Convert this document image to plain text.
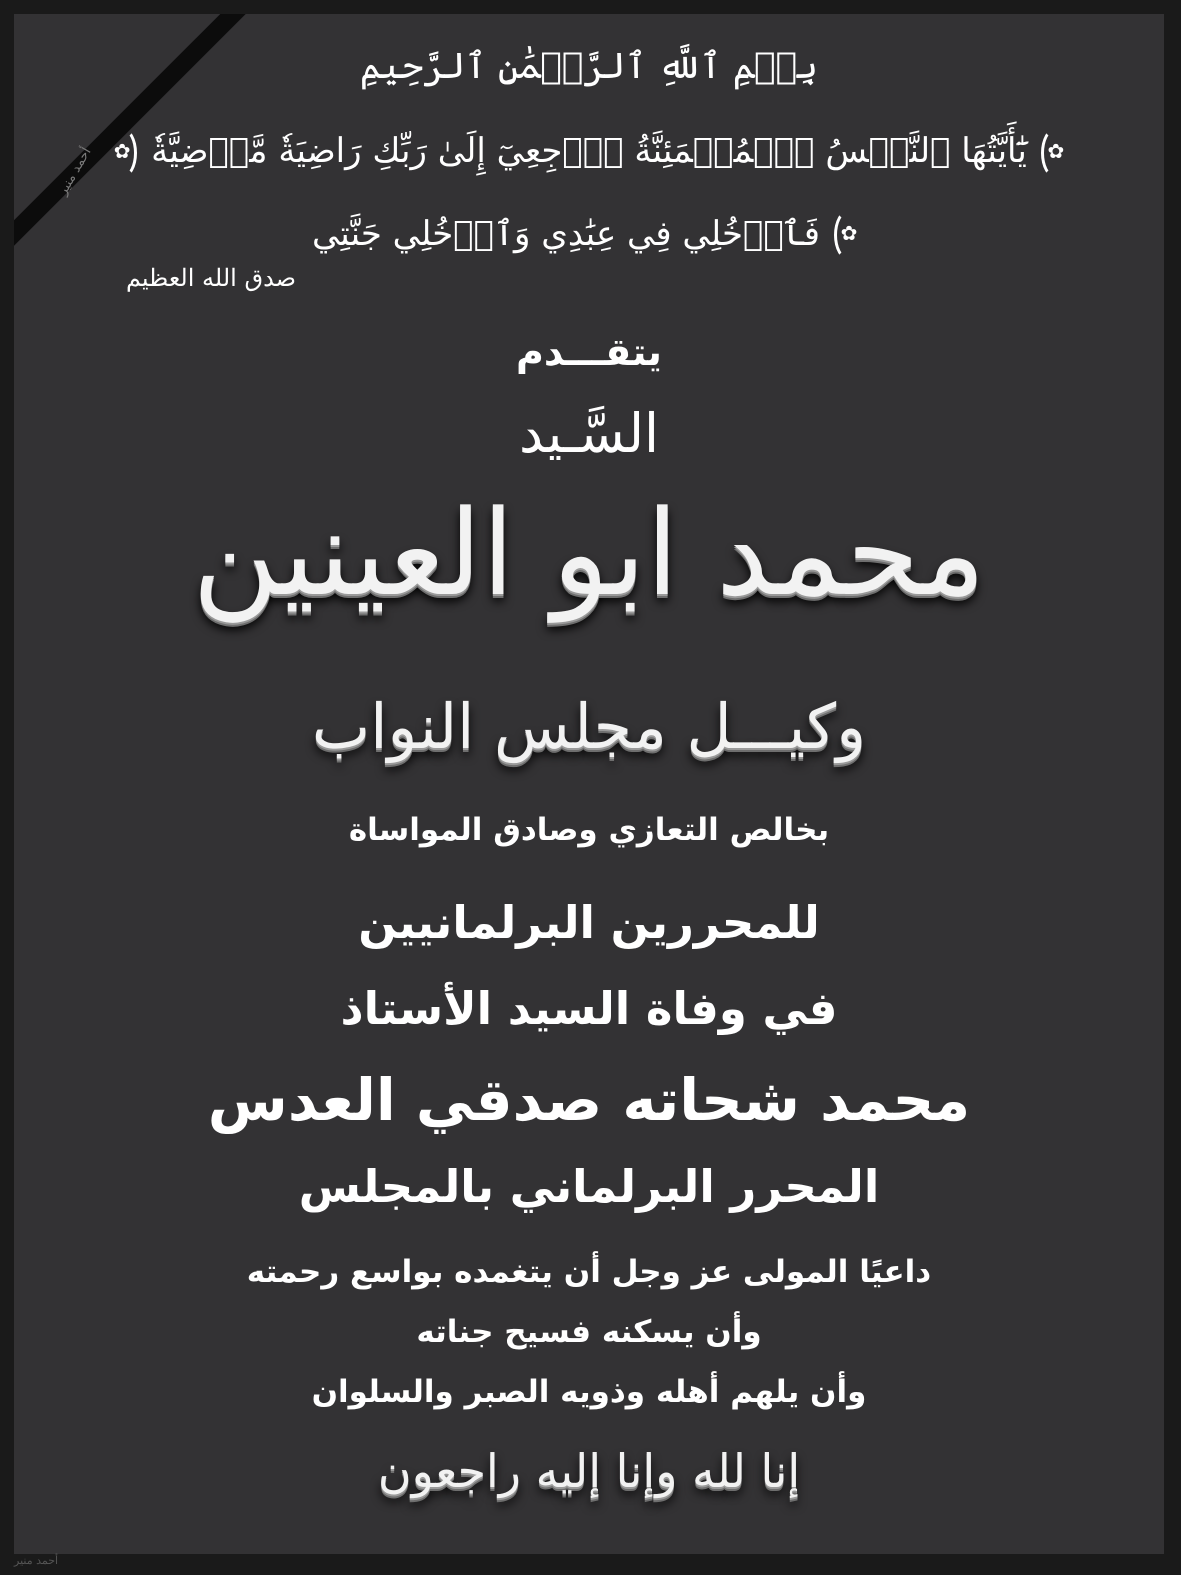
أحمد منير
بِسۡمِ ٱللَّهِ ٱلرَّحۡمَٰنِ ٱلرَّحِيمِ
✿
يَٰٓأَيَّتُهَا ٱلنَّفۡسُ ٱلۡمُطۡمَئِنَّةُ ٱرۡجِعِيٓ إِلَىٰ رَبِّكِ رَاضِيَةٗ مَّرۡضِيَّةٗ
✿
✿
فَٱدۡخُلِي فِي عِبَٰدِي وَٱدۡخُلِي جَنَّتِي
صدق الله العظيم
يتقـــدم
السَّـيد
محمد ابو العينين
وكيـــل مجلس النواب
بخالص التعازي وصادق المواساة
للمحررين البرلمانيين
في وفاة السيد الأستاذ
محمد شحاته صدقي العدس
المحرر البرلماني بالمجلس
داعيًا المولى عز وجل أن يتغمده بواسع رحمته
وأن يسكنه فسيح جناته
وأن يلهم أهله وذويه الصبر والسلوان
إنا لله وإنا إليه راجعون
أحمد منير
